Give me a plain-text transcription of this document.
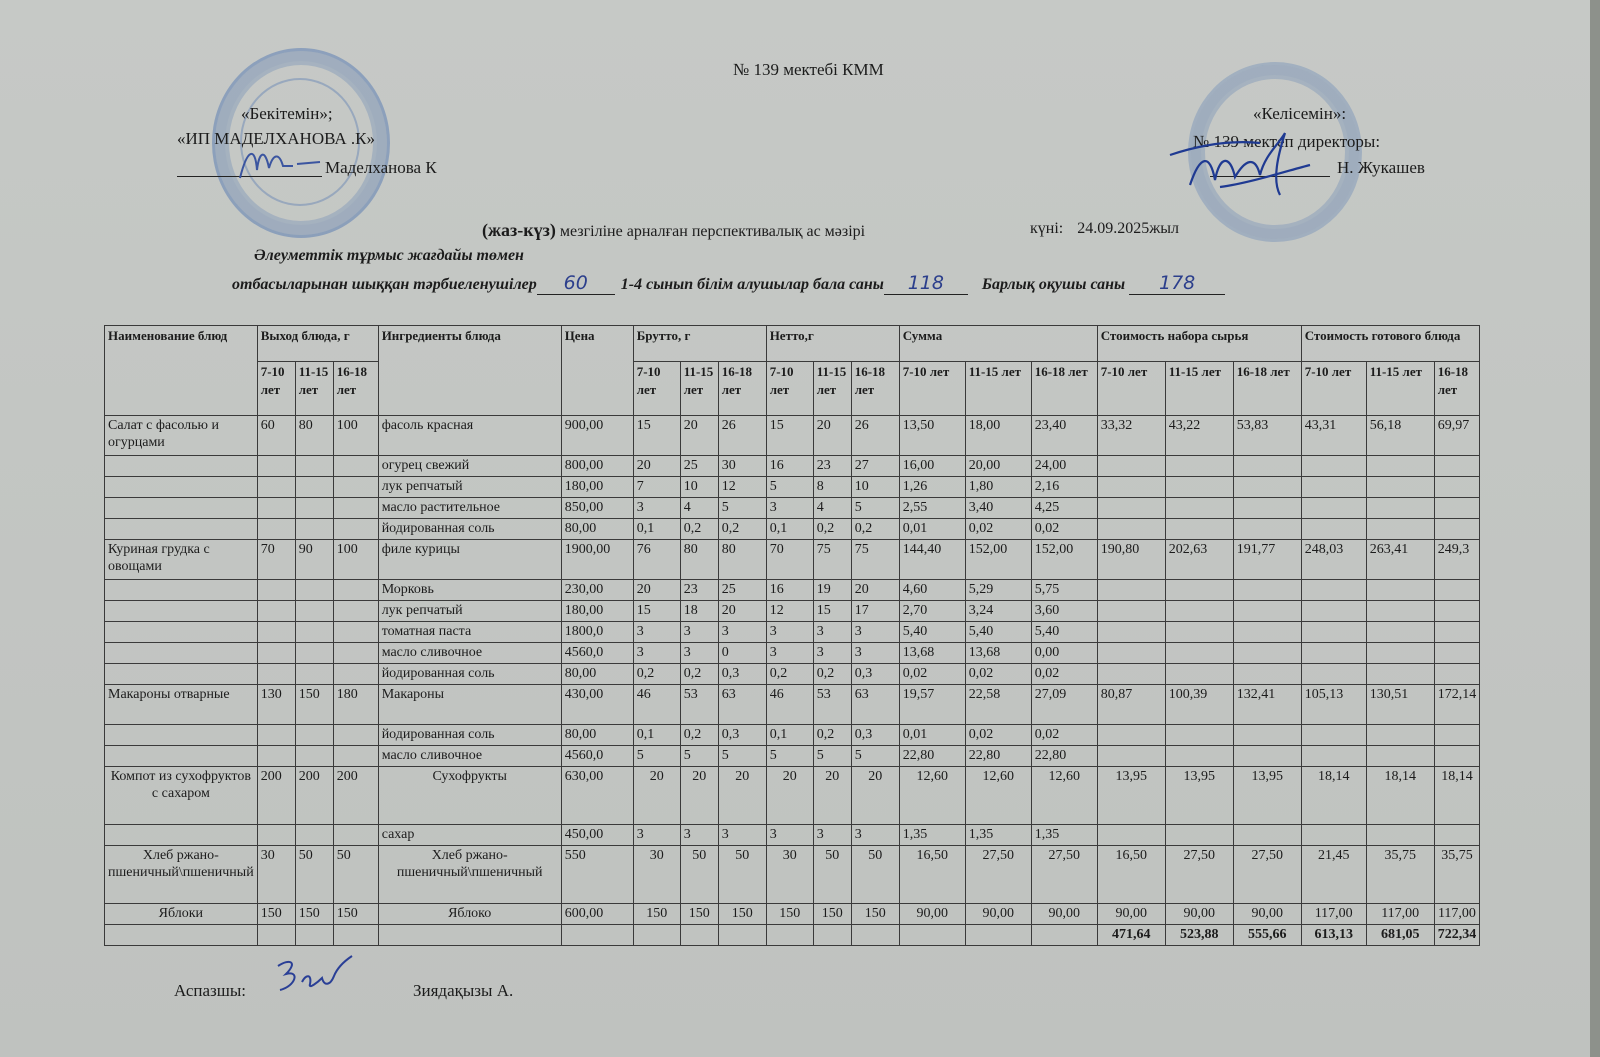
№ 139 мектебі КММ
«Бекітемін»;
«ИП МАДЕЛХАНОВА .К»
Маделханова К
«Келісемін»:
№ 139 мектеп директоры:
Н. Жукашев
(жаз-күз) мезгіліне арналған перспективалық ас мәзірі	күні: 24.09.2025жыл
Әлеуметтік тұрмыс жағдайы төмен
отбасыларынан шыққан тәрбиеленушілер 60 1-4 сынып білім алушылар бала саны 118 Барлық оқушы саны 178
Наименование блюд	Выход блюда, г			Ингредиенты блюда	Цена	Брутто, г			Нетто,г			Сумма			Стоимость набора сырья			Стоимость готового блюда		
	7-10 лет	11-15 лет	16-18 лет			7-10 лет	11-15 лет	16-18 лет	7-10 лет	11-15 лет	16-18 лет	7-10 лет	11-15 лет	16-18 лет	7-10 лет	11-15 лет	16-18 лет	7-10 лет	11-15 лет	16-18 лет
Салат с фасолью и огурцами	60	80	100	фасоль красная	900,00	15	20	26	15	20	26	13,50	18,00	23,40	33,32	43,22	53,83	43,31	56,18	69,97
				огурец свежий	800,00	20	25	30	16	23	27	16,00	20,00	24,00						
				лук репчатый	180,00	7	10	12	5	8	10	1,26	1,80	2,16						
				масло растительное	850,00	3	4	5	3	4	5	2,55	3,40	4,25						
				йодированная соль	80,00	0,1	0,2	0,2	0,1	0,2	0,2	0,01	0,02	0,02						
Куриная грудка с овощами	70	90	100	филе курицы	1900,00	76	80	80	70	75	75	144,40	152,00	152,00	190,80	202,63	191,77	248,03	263,41	249,3
				Морковь	230,00	20	23	25	16	19	20	4,60	5,29	5,75						
				лук репчатый	180,00	15	18	20	12	15	17	2,70	3,24	3,60						
				томатная паста	1800,0	3	3	3	3	3	3	5,40	5,40	5,40						
				масло сливочное	4560,0	3	3	0	3	3	3	13,68	13,68	0,00						
				йодированная соль	80,00	0,2	0,2	0,3	0,2	0,2	0,3	0,02	0,02	0,02						
Макароны отварные	130	150	180	Макароны	430,00	46	53	63	46	53	63	19,57	22,58	27,09	80,87	100,39	132,41	105,13	130,51	172,14
				йодированная соль	80,00	0,1	0,2	0,3	0,1	0,2	0,3	0,01	0,02	0,02						
				масло сливочное	4560,0	5	5	5	5	5	5	22,80	22,80	22,80						
Компот из сухофруктов с сахаром	200	200	200	Сухофрукты	630,00	20	20	20	20	20	20	12,60	12,60	12,60	13,95	13,95	13,95	18,14	18,14	18,14
				сахар	450,00	3	3	3	3	3	3	1,35	1,35	1,35						
Хлеб ржано-пшеничный\пшеничный	30	50	50	Хлеб ржано-пшеничный\пшеничный	550	30	50	50	30	50	50	16,50	27,50	27,50	16,50	27,50	27,50	21,45	35,75	35,75
Яблоки	150	150	150	Яблоко	600,00	150	150	150	150	150	150	90,00	90,00	90,00	90,00	90,00	90,00	117,00	117,00	117,00
															471,64	523,88	555,66	613,13	681,05	722,34
Аспазшы:	Зиядақызы А.
